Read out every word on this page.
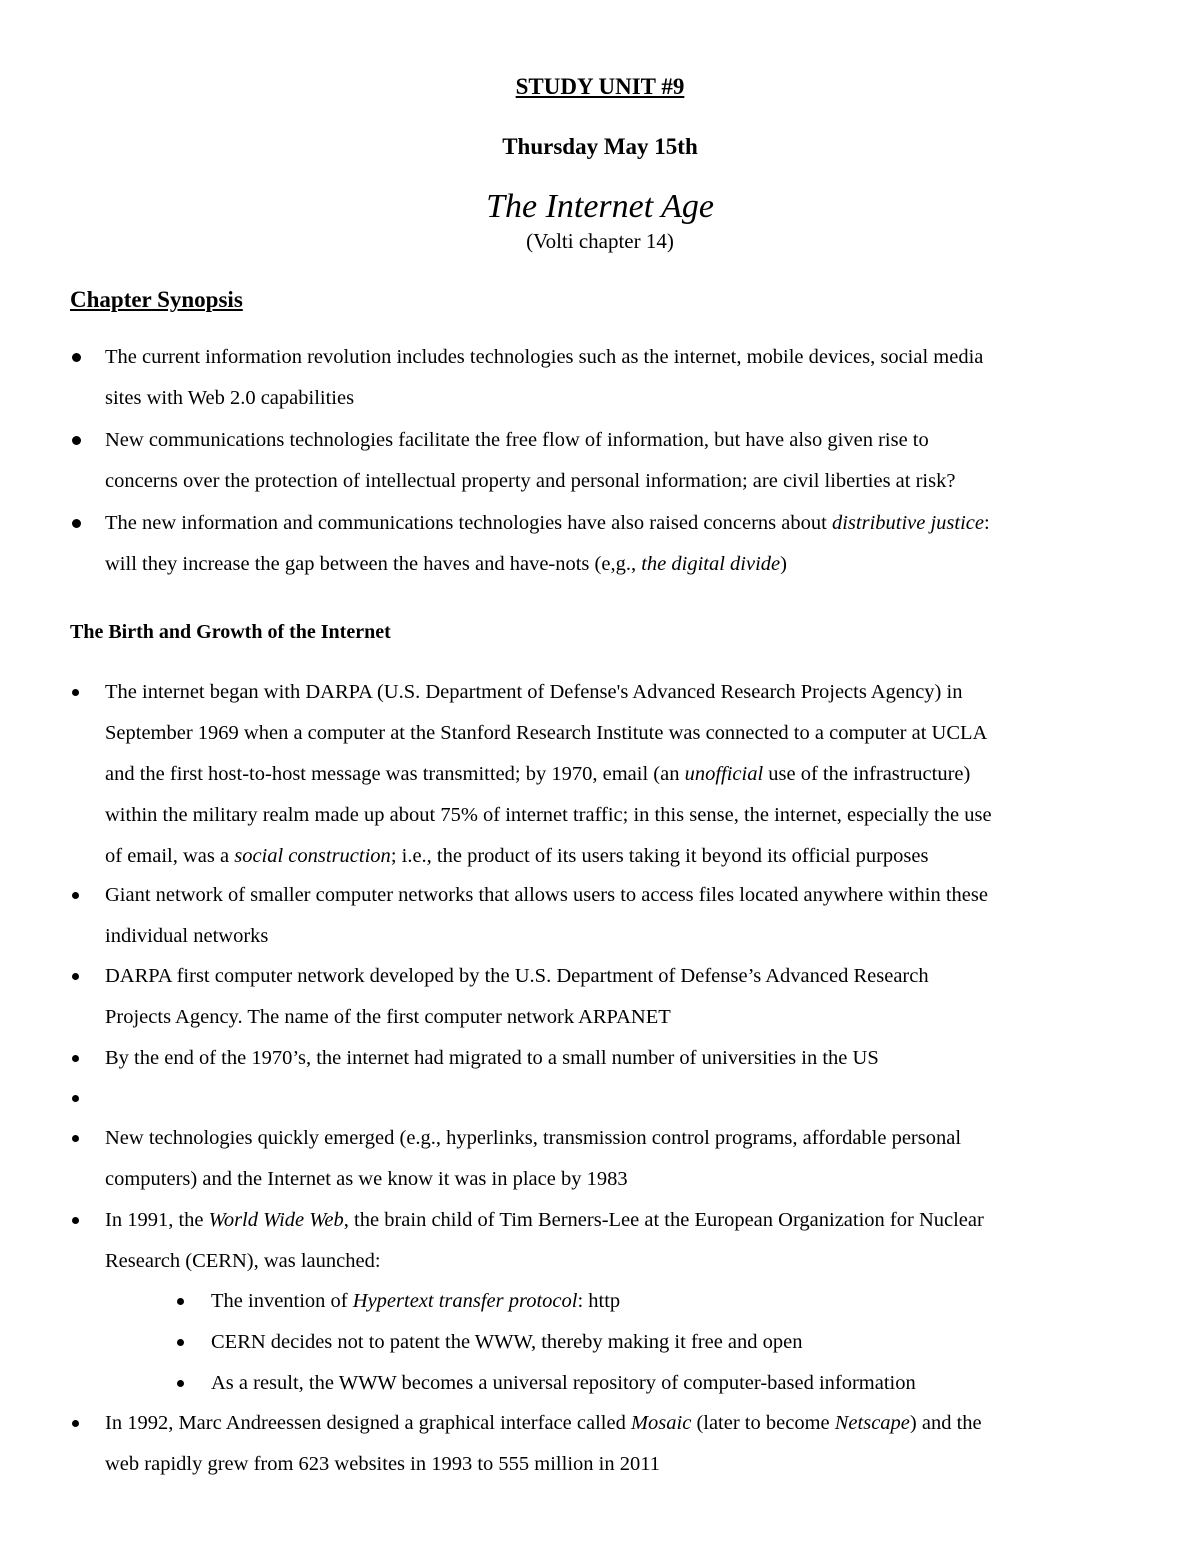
STUDY UNIT #9
Thursday May 15th
The Internet Age
(Volti chapter 14)
Chapter Synopsis
The current information revolution includes technologies such as the internet, mobile devices, social media
sites with Web 2.0 capabilities
New communications technologies facilitate the free flow of information, but have also given rise to
concerns over the protection of intellectual property and personal information; are civil liberties at risk?
The new information and communications technologies have also raised concerns about distributive justice:
will they increase the gap between the haves and have-nots (e,g., the digital divide)
The Birth and Growth of the Internet
The internet began with DARPA (U.S. Department of Defense's Advanced Research Projects Agency) in
September 1969 when a computer at the Stanford Research Institute was connected to a computer at UCLA
and the first host-to-host message was transmitted; by 1970, email (an unofficial use of the infrastructure)
within the military realm made up about 75% of internet traffic; in this sense, the internet, especially the use
of email, was a social construction; i.e., the product of its users taking it beyond its official purposes
Giant network of smaller computer networks that allows users to access files located anywhere within these
individual networks
DARPA first computer network developed by the U.S. Department of Defense’s Advanced Research
Projects Agency. The name of the first computer network ARPANET
By the end of the 1970’s, the internet had migrated to a small number of universities in the US
New technologies quickly emerged (e.g., hyperlinks, transmission control programs, affordable personal
computers) and the Internet as we know it was in place by 1983
In 1991, the World Wide Web, the brain child of Tim Berners-Lee at the European Organization for Nuclear
Research (CERN), was launched:
The invention of Hypertext transfer protocol: http
CERN decides not to patent the WWW, thereby making it free and open
As a result, the WWW becomes a universal repository of computer-based information
In 1992, Marc Andreessen designed a graphical interface called Mosaic (later to become Netscape) and the
web rapidly grew from 623 websites in 1993 to 555 million in 2011
